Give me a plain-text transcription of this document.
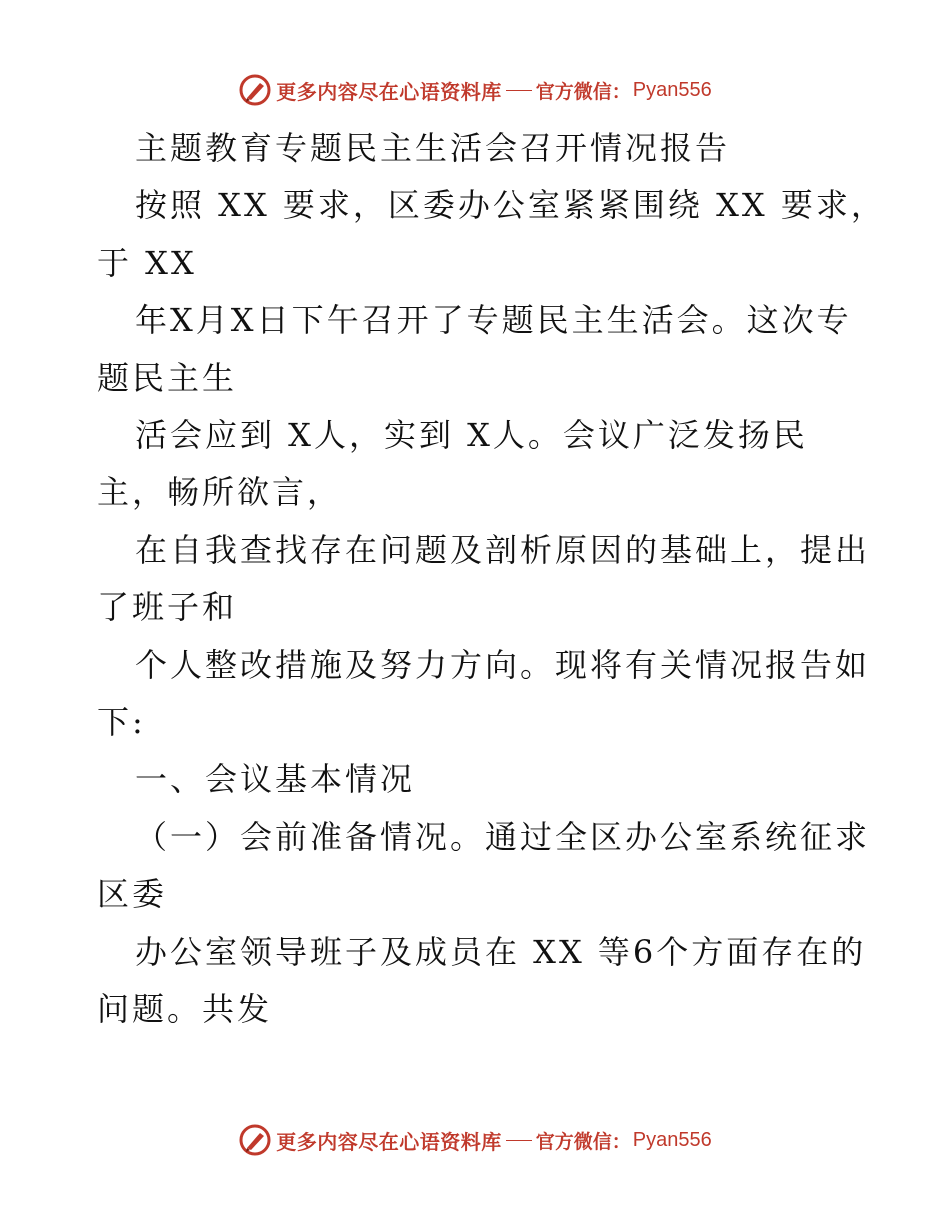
更多内容尽在心语资料库 官方微信： Pyan556
主题教育专题民主生活会召开情况报告
按照 XX 要求，区委办公室紧紧围绕 XX 要求，
于 XX
年X月X日下午召开了专题民主生活会。这次专
题民主生
活会应到 X人，实到 X人。会议广泛发扬民
主，畅所欲言，
在自我查找存在问题及剖析原因的基础上，提出
了班子和
个人整改措施及努力方向。现将有关情况报告如
下:
一、会议基本情况
（一）会前准备情况。通过全区办公室系统征求
区委
办公室领导班子及成员在 XX 等6个方面存在的
问题。共发
更多内容尽在心语资料库 官方微信： Pyan556
